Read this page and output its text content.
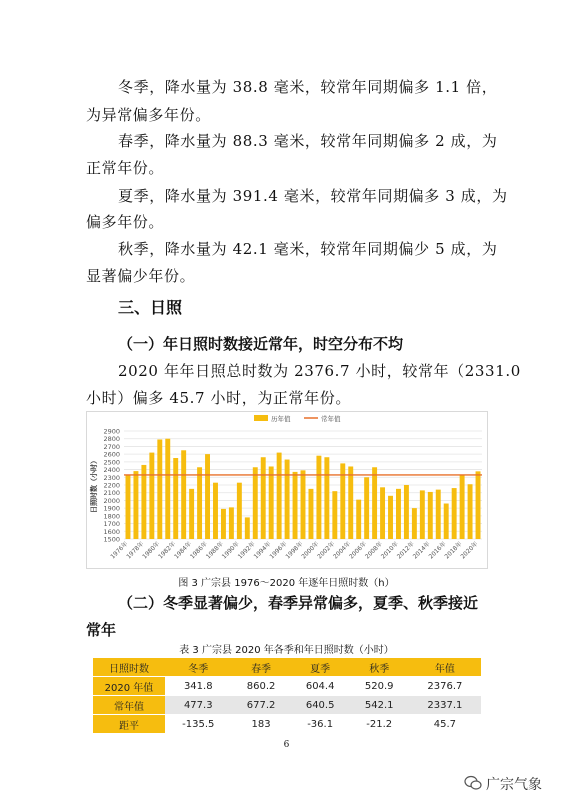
冬季，降水量为 38.8 毫米，较常年同期偏多 1.1 倍，
为异常偏多年份。
春季，降水量为 88.3 毫米，较常年同期偏多 2 成，为
正常年份。
夏季，降水量为 391.4 毫米，较常年同期偏多 3 成，为
偏多年份。
秋季，降水量为 42.1 毫米，较常年同期偏少 5 成，为
显著偏少年份。
三、日照
（一）年日照时数接近常年，时空分布不均
2020 年年日照总时数为 2376.7 小时，较常年（2331.0
小时）偏多 45.7 小时，为正常年份。
1500
1600
1700
1800
1900
2000
2100
2200
2300
2400
2500
2600
2700
2800
2900
日照时数（小时）
1976年
1978年
1980年
1982年
1984年
1986年
1988年
1990年
1992年
1994年
1996年
1998年
2000年
2002年
2004年
2006年
2008年
2010年
2012年
2014年
2016年
2018年
2020年
历年值	常年值
图 3 广宗县 1976～2020 年逐年日照时数（h）
（二）冬季显著偏少，春季异常偏多，夏季、秋季接近
常年
表 3 广宗县 2020 年各季和年日照时数（小时）
日照时数	冬季	春季	夏季	秋季	年值
2020 年值	341.8	860.2	604.4	520.9	2376.7
常年值	477.3	677.2	640.5	542.1	2337.1
距平	-135.5	183	-36.1	-21.2	45.7
6
广宗气象
